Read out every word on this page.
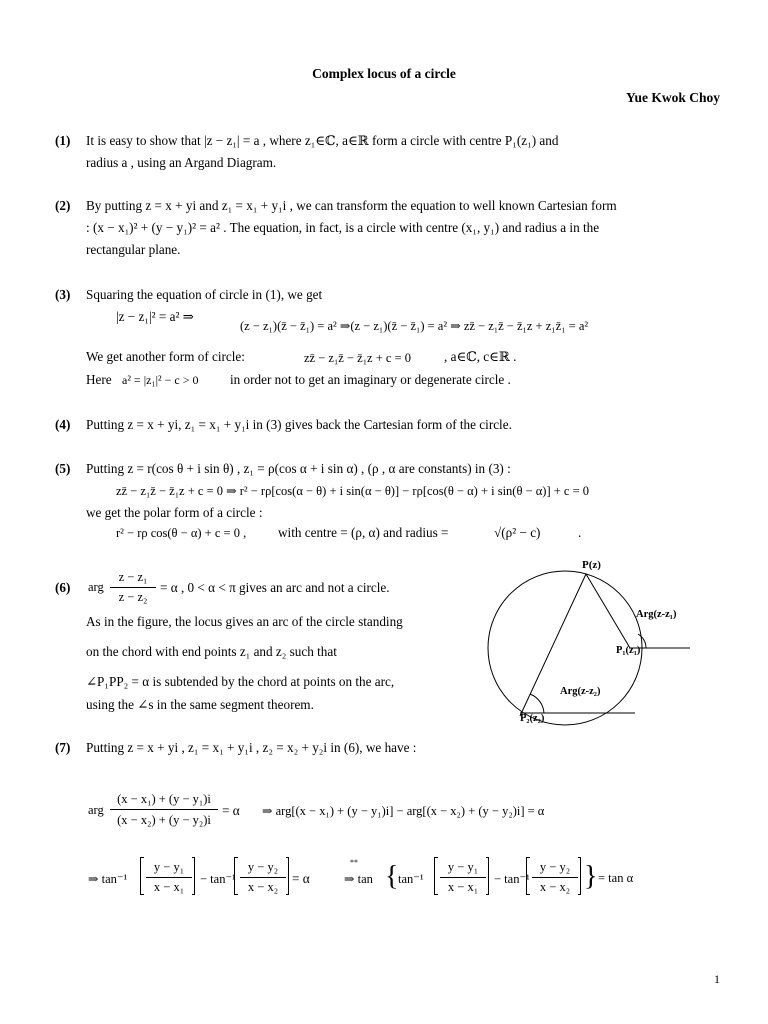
Complex locus of a circle
Yue Kwok Choy
(1) It is easy to show that |z − z₁| = a , where z₁∈ℂ, a∈ℝ form a circle with centre P₁(z₁) and
radius a , using an Argand Diagram.
(2) By putting z = x + yi and z₁ = x₁ + y₁i , we can transform the equation to well known Cartesian form
: (x − x₁)² + (y − y₁)² = a² . The equation, in fact, is a circle with centre (x₁, y₁) and radius a in the
rectangular plane.
(3) Squaring the equation of circle in (1), we get
|z − z₁|² = a² ⇒
(z − z₁)(z̄ − z̄₁) = a² ⇒(z − z₁)(z̄ − z̄₁) = a² ⇒ zz̄ − z₁z̄ − z̄₁z + z₁z̄₁ = a²
We get another form of circle:	zz̄ − z₁z̄ − z̄₁z + c = 0 , a∈ℂ, c∈ℝ .
Here a² = |z₁|² − c > 0 in order not to get an imaginary or degenerate circle .
(4) Putting z = x + yi, z₁ = x₁ + y₁i in (3) gives back the Cartesian form of the circle.
(5) Putting z = r(cos θ + i sin θ) , z₁ = ρ(cos α + i sin α) , (ρ , α are constants) in (3) :
zz̄ − z₁z̄ − z̄₁z + c = 0 ⇒ r² − rρ[cos(α − θ) + i sin(α − θ)] − rρ[cos(θ − α) + i sin(θ − α)] + c = 0
we get the polar form of a circle :
r² − rρ cos(θ − α) + c = 0 , with centre = (ρ, α) and radius =	√(ρ² − c)	.
(6) arg
z − z₁
z − z₂
= α , 0 < α < π gives an arc and not a circle.
As in the figure, the locus gives an arc of the circle standing
on the chord with end points z₁ and z₂ such that
∠P₁PP₂ = α is subtended by the chord at points on the arc,
using the ∠s in the same segment theorem.
P(z)
Arg(z-z₁)
P₁(z₁)
Arg(z-z₂)
P₂(z₂)
(7) Putting z = x + yi , z₁ = x₁ + y₁i , z₂ = x₂ + y₂i in (6), we have :
arg
(x − x₁) + (y − y₁)i
(x − x₂) + (y − y₂)i
= α ⇒ arg[(x − x₁) + (y − y₁)i] − arg[(x − x₂) + (y − y₂)i] = α
⇒ tan⁻¹
y − y₁
x − x₁
− tan⁻¹
y − y₂
x − x₂
= α
**
⇒ tan { tan⁻¹
y − y₁
x − x₁
− tan⁻¹
y − y₂
x − x₂ } = tan α
1
